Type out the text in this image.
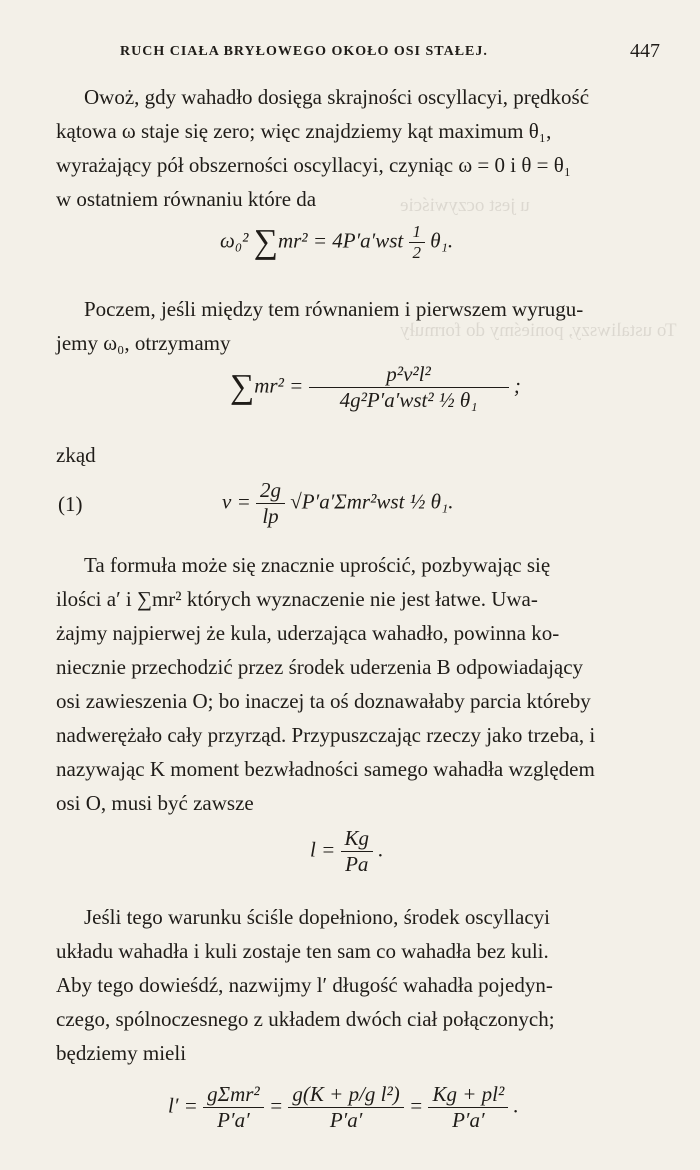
u jest oczywiście
To ustaliwszy, ponieśmy do formuły
RUCH CIAŁA BRYŁOWEGO OKOŁO OSI STAŁEJ.	447

Owoż, gdy wahadło dosięga skrajności oscyllacyi, prędkość

kątowa ω staje się zero; więc znajdziemy kąt maximum θ₁,

wyrażający pół obszerności oscyllacyi, czyniąc ω = 0 i θ = θ₁

w ostatniem równaniu które da

ω₀² $\sum mr^2 = 4P'a'wst \frac{1}{2} \theta_1$.

Poczem, jeśli między tem równaniem i pierwszem wyrugu-

jemy ω₀, otrzymamy

$\sum mr^2 = \frac{\text{p²v²l²}}{\text{4g²P′a′wst² ½ θ₁}}$ ;
zkąd
(1)	$v = \frac{2g}{lp} √P'a'\Sigma mr^2wst$ ½ θ₁.

Ta formuła może się znacznie uprościć, pozbywając się

ilości a′ i ∑mr² których wyznaczenie nie jest łatwe. Uwa-

żajmy najpierwej że kula, uderzająca wahadło, powinna ko-

niecznie przechodzić przez środek uderzenia B odpowiadający

osi zawieszenia O; bo inaczej ta oś doznawałaby parcia któreby

nadwerężało cały przyrząd. Przypuszczając rzeczy jako trzeba, i

nazywając K moment bezwładności samego wahadła względem

osi O, musi być zawsze

$l = \frac{Kg}{Pa}$ .

Jeśli tego warunku ściśle dopełniono, środek oscyllacyi

układu wahadła i kuli zostaje ten sam co wahadła bez kuli.

Aby tego dowieśdź, nazwijmy l′ długość wahadła pojedyn-

czego, spólnoczesnego z układem dwóch ciał połączonych;

będziemy mieli

$l' = \frac{\text{gΣmr²}}{P'a'} = \frac{\text{g(K + p/g l²)}}{P'a'} = \frac{\text{Kg + pl²}}{P'a'}$ .
